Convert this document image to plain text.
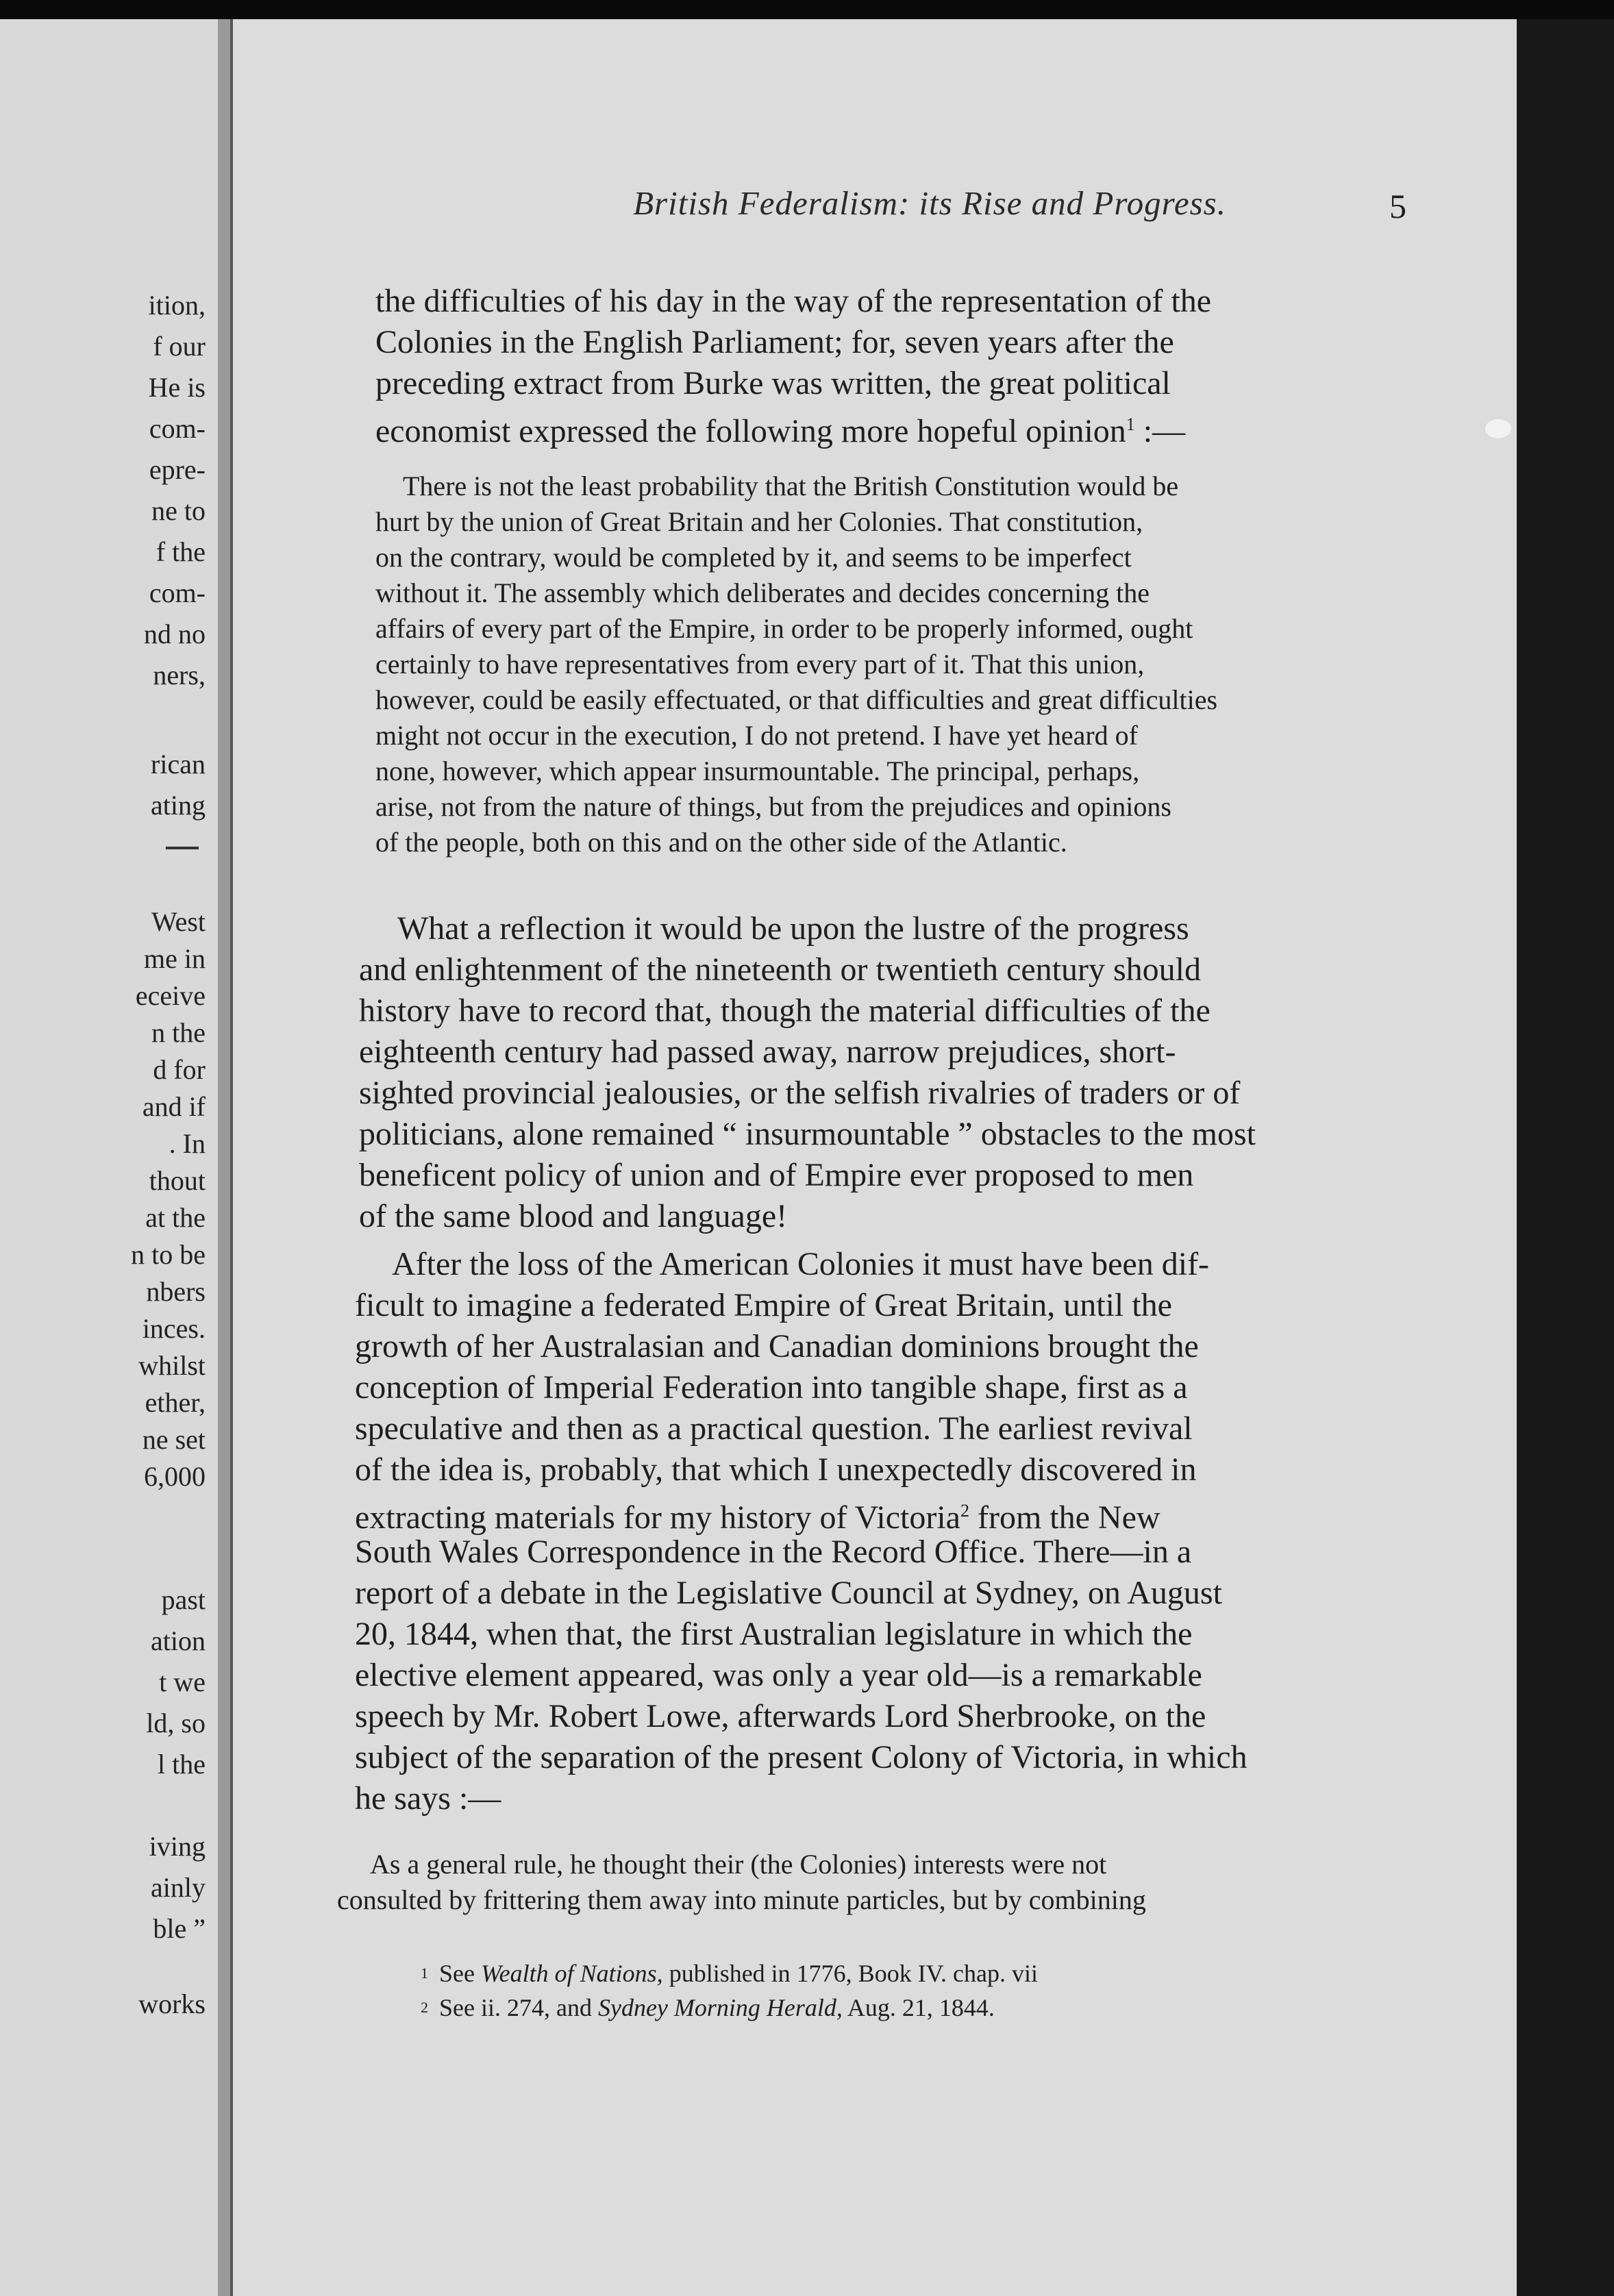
ition,
f our
He is
com-
epre-
ne to
f the
com-
nd no
ners,
rican
ating
West
me in
eceive
n the
d for
and if
. In
thout
at the
n to be
nbers
inces.
whilst
ether,
ne set
6,000
past
ation
t we
ld, so
l the
iving
ainly
ble ”
works
British Federalism: its Rise and Progress.	5
the difficulties of his day in the way of the representation of the
Colonies in the English Parliament; for, seven years after the
preceding extract from Burke was written, the great political
economist expressed the following more hopeful opinion$^1$ :—
There is not the least probability that the British Constitution would be
hurt by the union of Great Britain and her Colonies. That constitution,
on the contrary, would be completed by it, and seems to be imperfect
without it. The assembly which deliberates and decides concerning the
affairs of every part of the Empire, in order to be properly informed, ought
certainly to have representatives from every part of it. That this union,
however, could be easily effectuated, or that difficulties and great difficulties
might not occur in the execution, I do not pretend. I have yet heard of
none, however, which appear insurmountable. The principal, perhaps,
arise, not from the nature of things, but from the prejudices and opinions
of the people, both on this and on the other side of the Atlantic.
What a reflection it would be upon the lustre of the progress
and enlightenment of the nineteenth or twentieth century should
history have to record that, though the material difficulties of the
eighteenth century had passed away, narrow prejudices, short-
sighted provincial jealousies, or the selfish rivalries of traders or of
politicians, alone remained “ insurmountable ” obstacles to the most
beneficent policy of union and of Empire ever proposed to men
of the same blood and language!
After the loss of the American Colonies it must have been dif-
ficult to imagine a federated Empire of Great Britain, until the
growth of her Australasian and Canadian dominions brought the
conception of Imperial Federation into tangible shape, first as a
speculative and then as a practical question. The earliest revival
of the idea is, probably, that which I unexpectedly discovered in
extracting materials for my history of Victoria$^2$ from the New
South Wales Correspondence in the Record Office. There—in a
report of a debate in the Legislative Council at Sydney, on August
20, 1844, when that, the first Australian legislature in which the
elective element appeared, was only a year old—is a remarkable
speech by Mr. Robert Lowe, afterwards Lord Sherbrooke, on the
subject of the separation of the present Colony of Victoria, in which
he says :—
As a general rule, he thought their (the Colonies) interests were not
consulted by frittering them away into minute particles, but by combining
$^1$ See Wealth of Nations, published in 1776, Book IV. chap. vii
$^2$ See ii. 274, and Sydney Morning Herald, Aug. 21, 1844.
